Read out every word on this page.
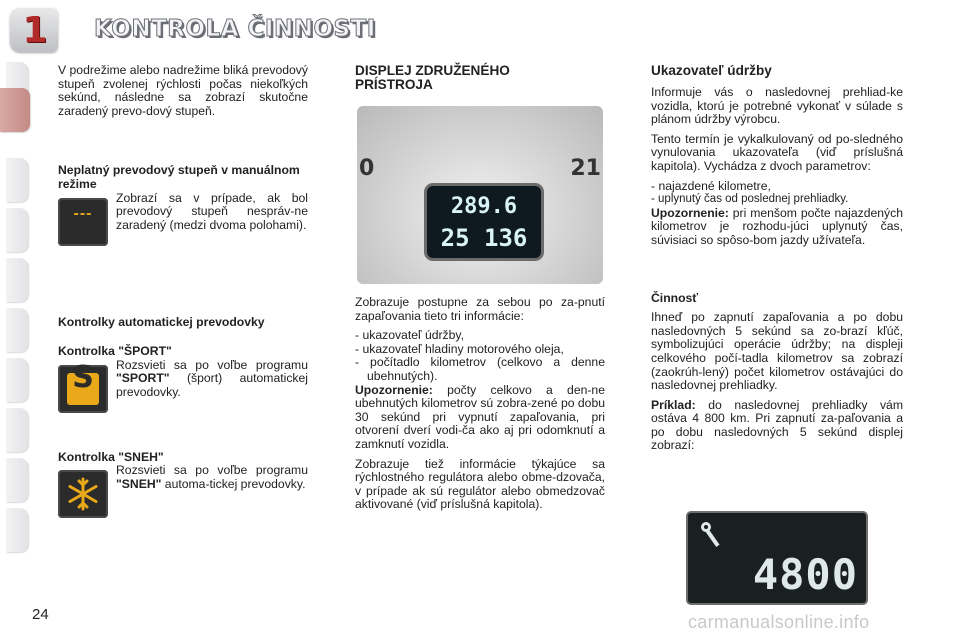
1 KONTROLA ČINNOSTI

V podrežime alebo nadrežime bliká prevodový stupeň zvolenej rýchlosti počas niekoľkých sekúnd, následne sa zobrazí skutočne zaradený prevo-dový stupeň.

Neplatný prevodový stupeň v manuálnom režime
---

Zobrazí sa v prípade, ak bol prevodový stupeň nespráv-ne zaradený (medzi dvoma polohami).

Kontrolky automatickej prevodovky
Kontrolka "ŠPORT"
S	Rozsvieti sa po voľbe programu "SPORT" (šport) automatickej prevodovky.

Kontrolka "SNEH"

Rozsvieti sa po voľbe programu "SNEH" automa-tickej prevodovky.

DISPLEJ ZDRUŽENÉHO PRÍSTROJA
0	21
289.6
25 136

Zobrazuje postupne za sebou po za-pnutí zapaľovania tieto tri informácie:

- ukazovateľ údržby,

- ukazovateľ hladiny motorového oleja,

- počítadlo kilometrov (celkovo a denne ubehnutých).

Upozornenie: počty celkovo a den-ne ubehnutých kilometrov sú zobra-zené po dobu 30 sekúnd pri vypnutí zapaľovania, pri otvorení dverí vodi-ča ako aj pri odomknutí a zamknutí vozidla.

Zobrazuje tiež informácie týkajúce sa rýchlostného regulátora alebo obme-dzovača, v prípade ak sú regulátor alebo obmedzovač aktivované (viď príslušná kapitola).

Ukazovateľ údržby

Informuje vás o nasledovnej prehliad-ke vozidla, ktorú je potrebné vykonať v súlade s plánom údržby výrobcu.

Tento termín je vykalkulovaný od po-sledného vynulovania ukazovateľa (viď príslušná kapitola). Vychádza z dvoch parametrov:

- najazdené kilometre,

- uplynutý čas od poslednej prehliadky.

Upozornenie: pri menšom počte najazdených kilometrov je rozhodu-júci uplynutý čas, súvisiaci so spôso-bom jazdy užívateľa.

Činnosť

Ihneď po zapnutí zapaľovania a po dobu nasledovných 5 sekúnd sa zo-brazí kľúč, symbolizujúci operácie údržby; na displeji celkového počí-tadla kilometrov sa zobrazí (zaokrúh-lený) počet kilometrov ostávajúci do nasledovnej prehliadky.

Príklad: do nasledovnej prehliadky vám ostáva 4 800 km. Pri zapnutí za-paľovania a po dobu nasledovných 5 sekúnd displej zobrazí:

4800
24	carmanualsonline.info
